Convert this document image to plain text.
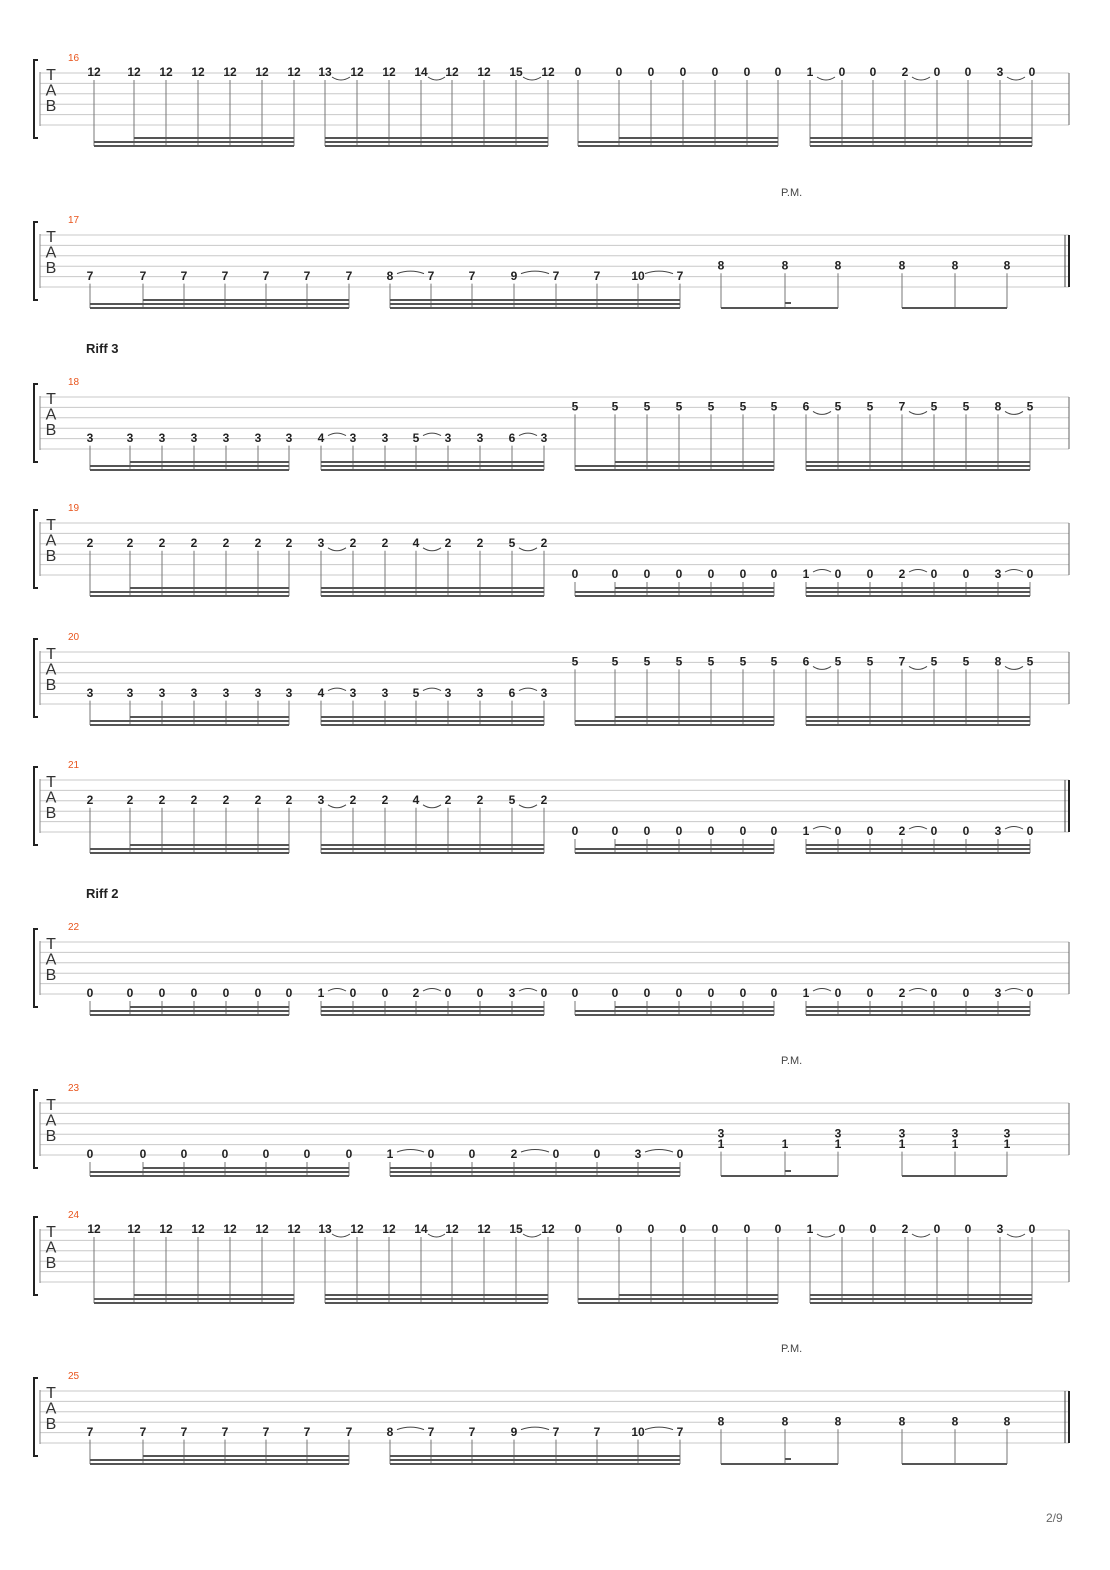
T
A
B
16
12 12 12 12 12 12 12 13 12 12 14 12 12 15 12 0	0 0 0 0 0 0 1 0 0 2 0 0 3 0
T
A
B
17
P.M.
7	7	7	7	7	7	7	8	7	7	9	7	7	10	7
8	8	8	8	8	8
T
A
B
18
Riff 3
3	3 3 3 3 3 3 4 3 3 5 3 3 6 3
5	5 5 5 5 5 5 6 5 5 7 5 5 8 5
T
A
B
19
2	2 2 2 2 2 2 3 2 2 4 2 2 5 2
0	0 0 0 0 0 0 1 0 0 2 0 0 3 0
T
A
B
20
3	3 3 3 3 3 3 4 3 3 5 3 3 6 3
5	5 5 5 5 5 5 6 5 5 7 5 5 8 5
T
A
B
21
2	2 2 2 2 2 2 3 2 2 4 2 2 5 2
0	0 0 0 0 0 0 1 0 0 2 0 0 3 0
T
A
B
22
Riff 2
0	0 0 0 0 0 0 1 0 0 2 0 0 3 0 0	0 0 0 0 0 0 1 0 0 2 0 0 3 0
T
A
B
23
P.M.
0	0	0	0	0	0	0	1	0	0	2	0	0	3	0
3
1	1
3
1
3
1
3
1
3
1
T
A
B
24
12 12 12 12 12 12 12 13 12 12 14 12 12 15 12 0	0 0 0 0 0 0 1 0 0 2 0 0 3 0
T
A
B
25
P.M.
7	7	7	7	7	7	7	8	7	7	9	7	7	10	7
8	8	8	8	8	8
2/9
